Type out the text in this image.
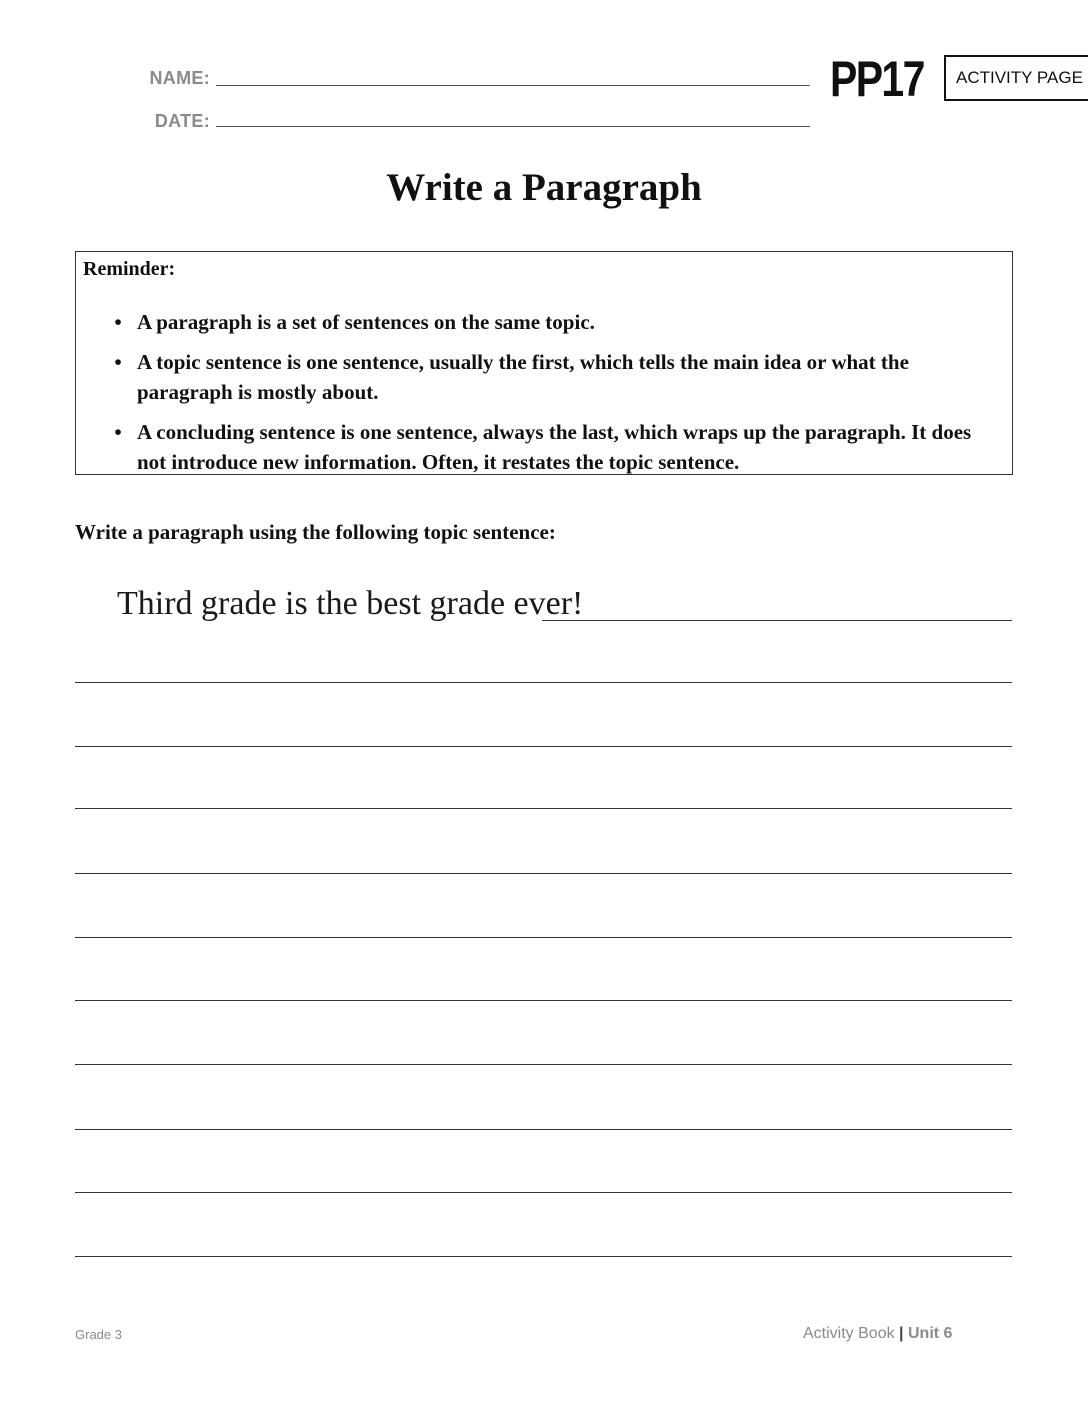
NAME:
DATE:
PP17	ACTIVITY PAGE
Write a Paragraph
Reminder:
• A paragraph is a set of sentences on the same topic.
• A topic sentence is one sentence, usually the first, which tells the main idea or what the paragraph is mostly about.
• A concluding sentence is one sentence, always the last, which wraps up the paragraph. It does not introduce new information. Often, it restates the topic sentence.
Write a paragraph using the following topic sentence:
Third grade is the best grade ever!
Grade 3	Activity Book | Unit 6
